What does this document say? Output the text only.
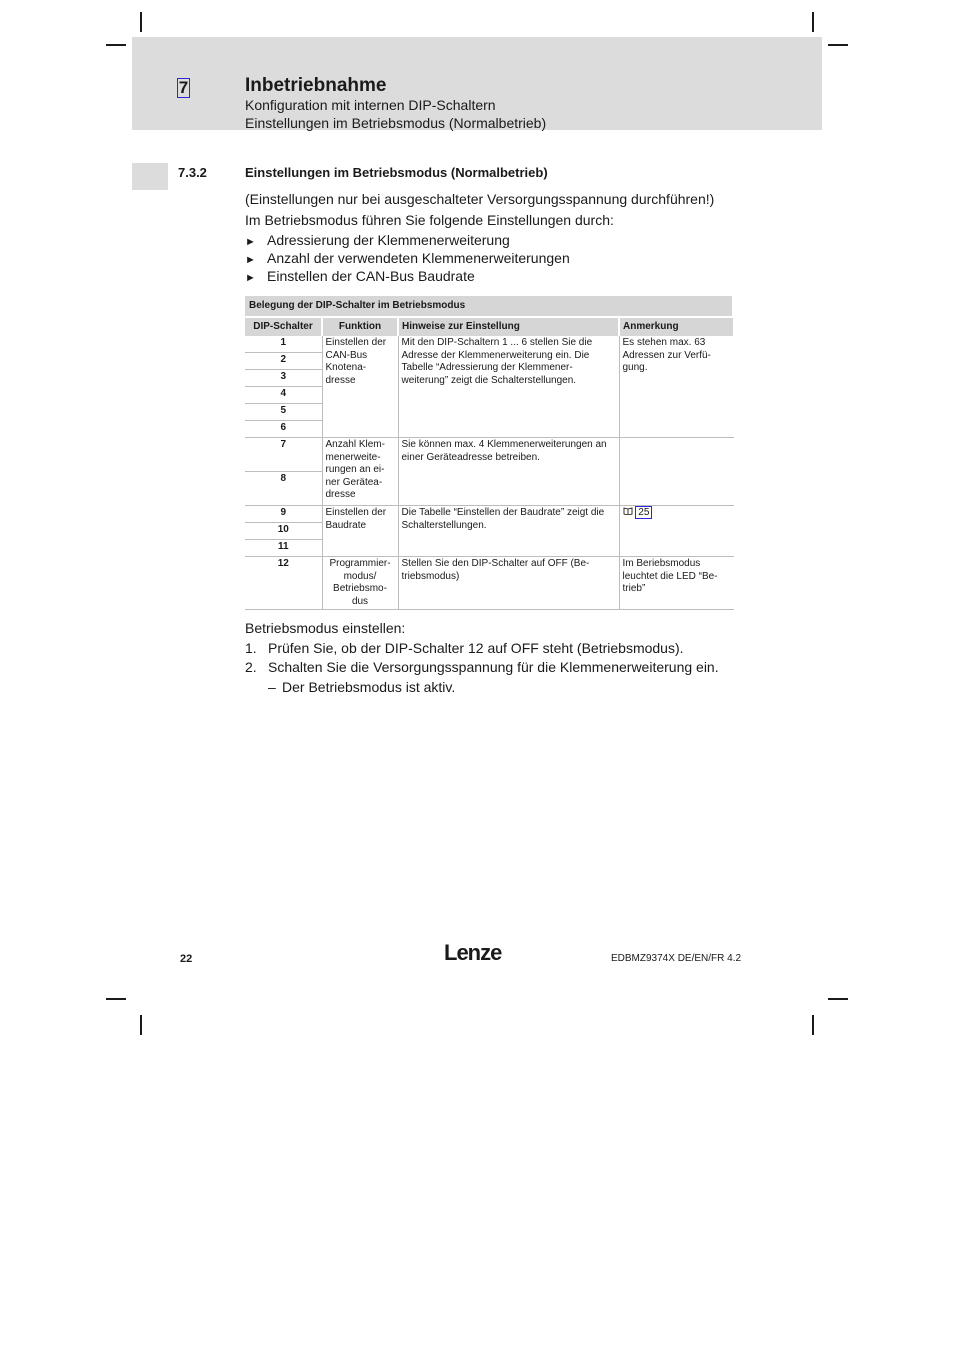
7	Inbetriebnahme
Konfiguration mit internen DIP-Schaltern
Einstellungen im Betriebsmodus (Normalbetrieb)
7.3.2	Einstellungen im Betriebsmodus (Normalbetrieb)
(Einstellungen nur bei ausgeschalteter Versorgungsspannung durchführen!)
Im Betriebsmodus führen Sie folgende Einstellungen durch:
► Adressierung der Klemmenerweiterung
► Anzahl der verwendeten Klemmenerweiterungen
► Einstellen der CAN-Bus Baudrate
Belegung der DIP-Schalter im Betriebsmodus
DIP-Schalter	Funktion	Hinweise zur Einstellung	Anmerkung
1	Einstellen der CAN-Bus Knotena- dresse	Mit den DIP-Schaltern 1 ... 6 stellen Sie die Adresse der Klemmenerweiterung ein. Die Tabelle “Adressierung der Klemmener- weiterung” zeigt die Schalterstellungen.	Es stehen max. 63 Adressen zur Verfü- gung.
2			
3			
4			
5			
6			
7	Anzahl Klem- menerweite- rungen an ei- ner Geräteа- dresse	Sie können max. 4 Klemmenerweiterungen an einer Geräteadresse betreiben.	
8			
9	Einstellen der Baudrate	Die Tabelle “Einstellen der Baudrate” zeigt die Schalterstellungen.	25
10			
11			
12	Programmier- modus/ Betriebsmo- dus	Stellen Sie den DIP-Schalter auf OFF (Be- triebsmodus)	Im Beriebsmodus leuchtet die LED “Be- trieb”
Betriebsmodus einstellen:
1. Prüfen Sie, ob der DIP-Schalter 12 auf OFF steht (Betriebsmodus).
2. Schalten Sie die Versorgungsspannung für die Klemmenerweiterung ein.
– Der Betriebsmodus ist aktiv.
22	Lenze	EDBMZ9374X DE/EN/FR 4.2
